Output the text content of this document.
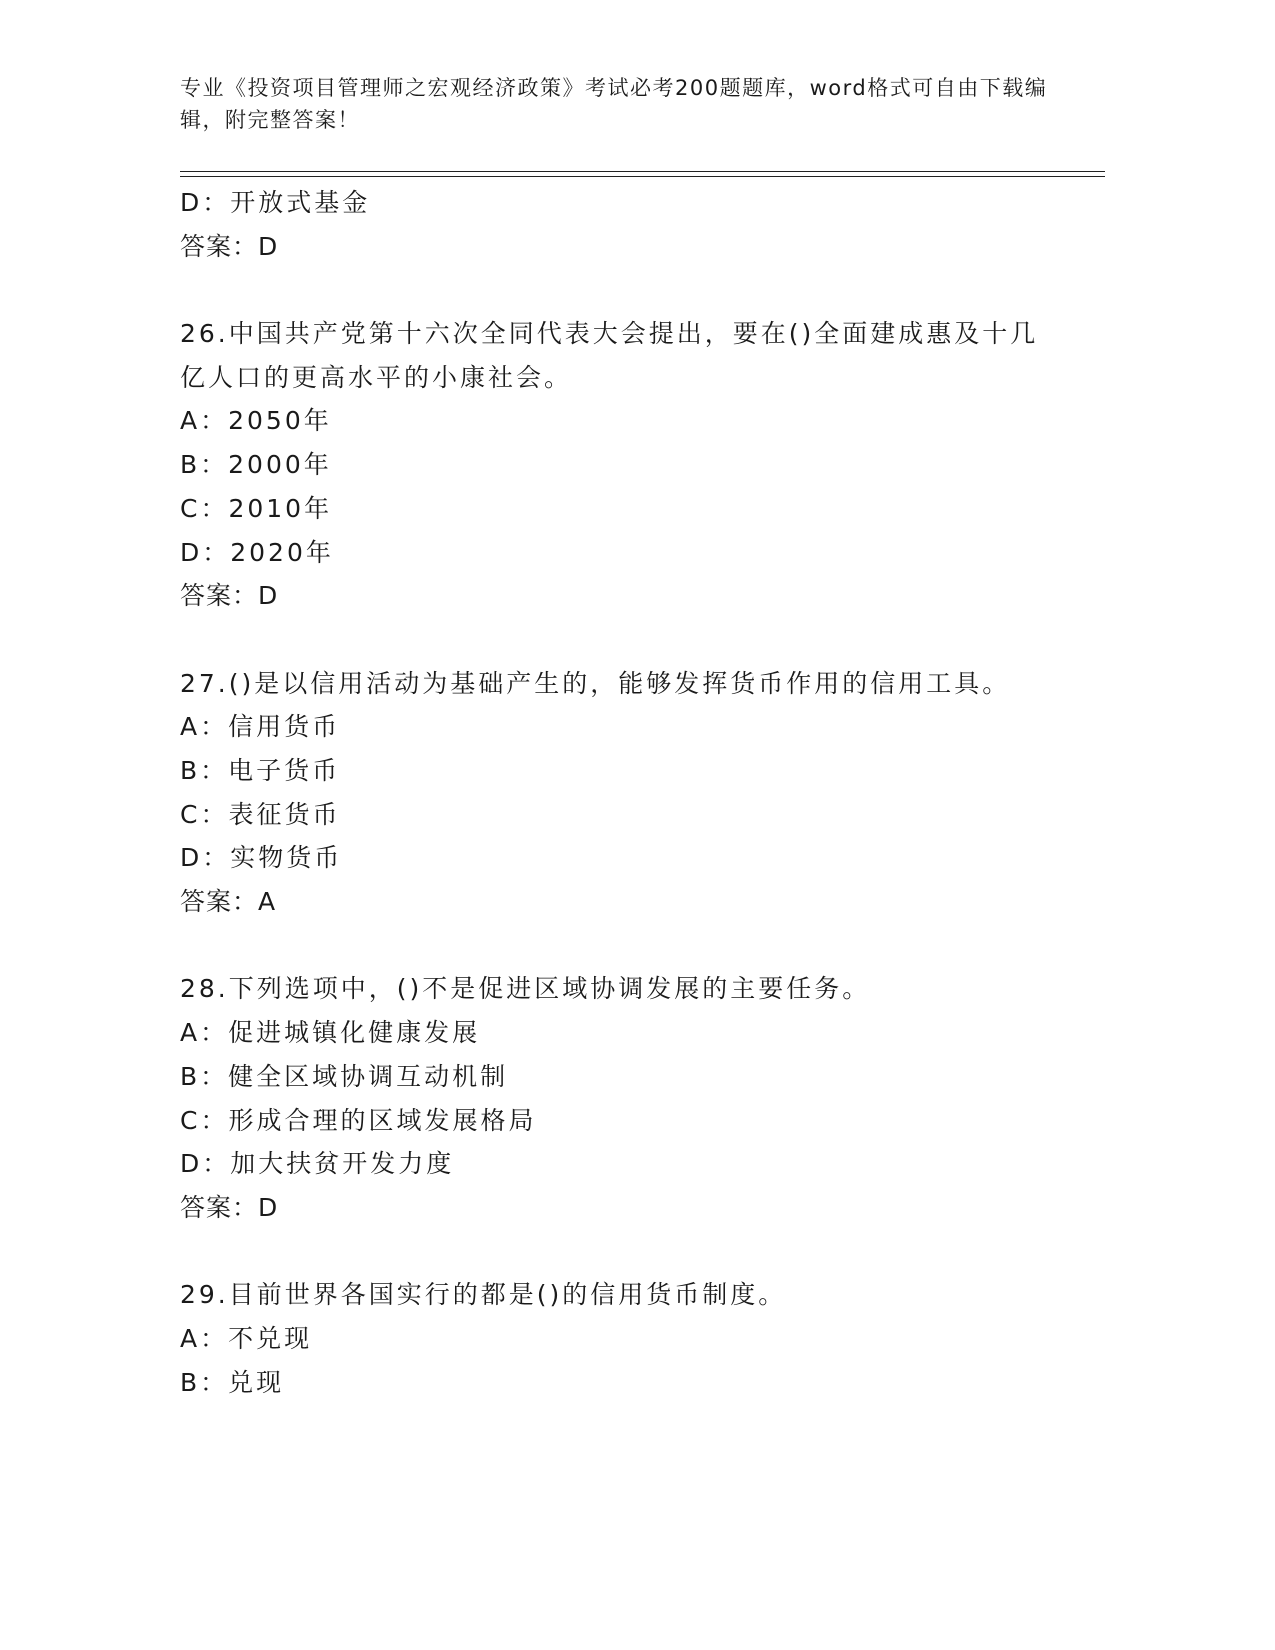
专业《投资项目管理师之宏观经济政策》考试必考200题题库，word格式可自由下载编辑，附完整答案！
D：开放式基金
答案：D
26.中国共产党第十六次全同代表大会提出，要在()全面建成惠及十几亿人口的更高水平的小康社会。
A：2050年
B：2000年
C：2010年
D：2020年
答案：D
27.()是以信用活动为基础产生的，能够发挥货币作用的信用工具。
A：信用货币
B：电子货币
C：表征货币
D：实物货币
答案：A
28.下列选项中，()不是促进区域协调发展的主要任务。
A：促进城镇化健康发展
B：健全区域协调互动机制
C：形成合理的区域发展格局
D：加大扶贫开发力度
答案：D
29.目前世界各国实行的都是()的信用货币制度。
A：不兑现
B：兑现
